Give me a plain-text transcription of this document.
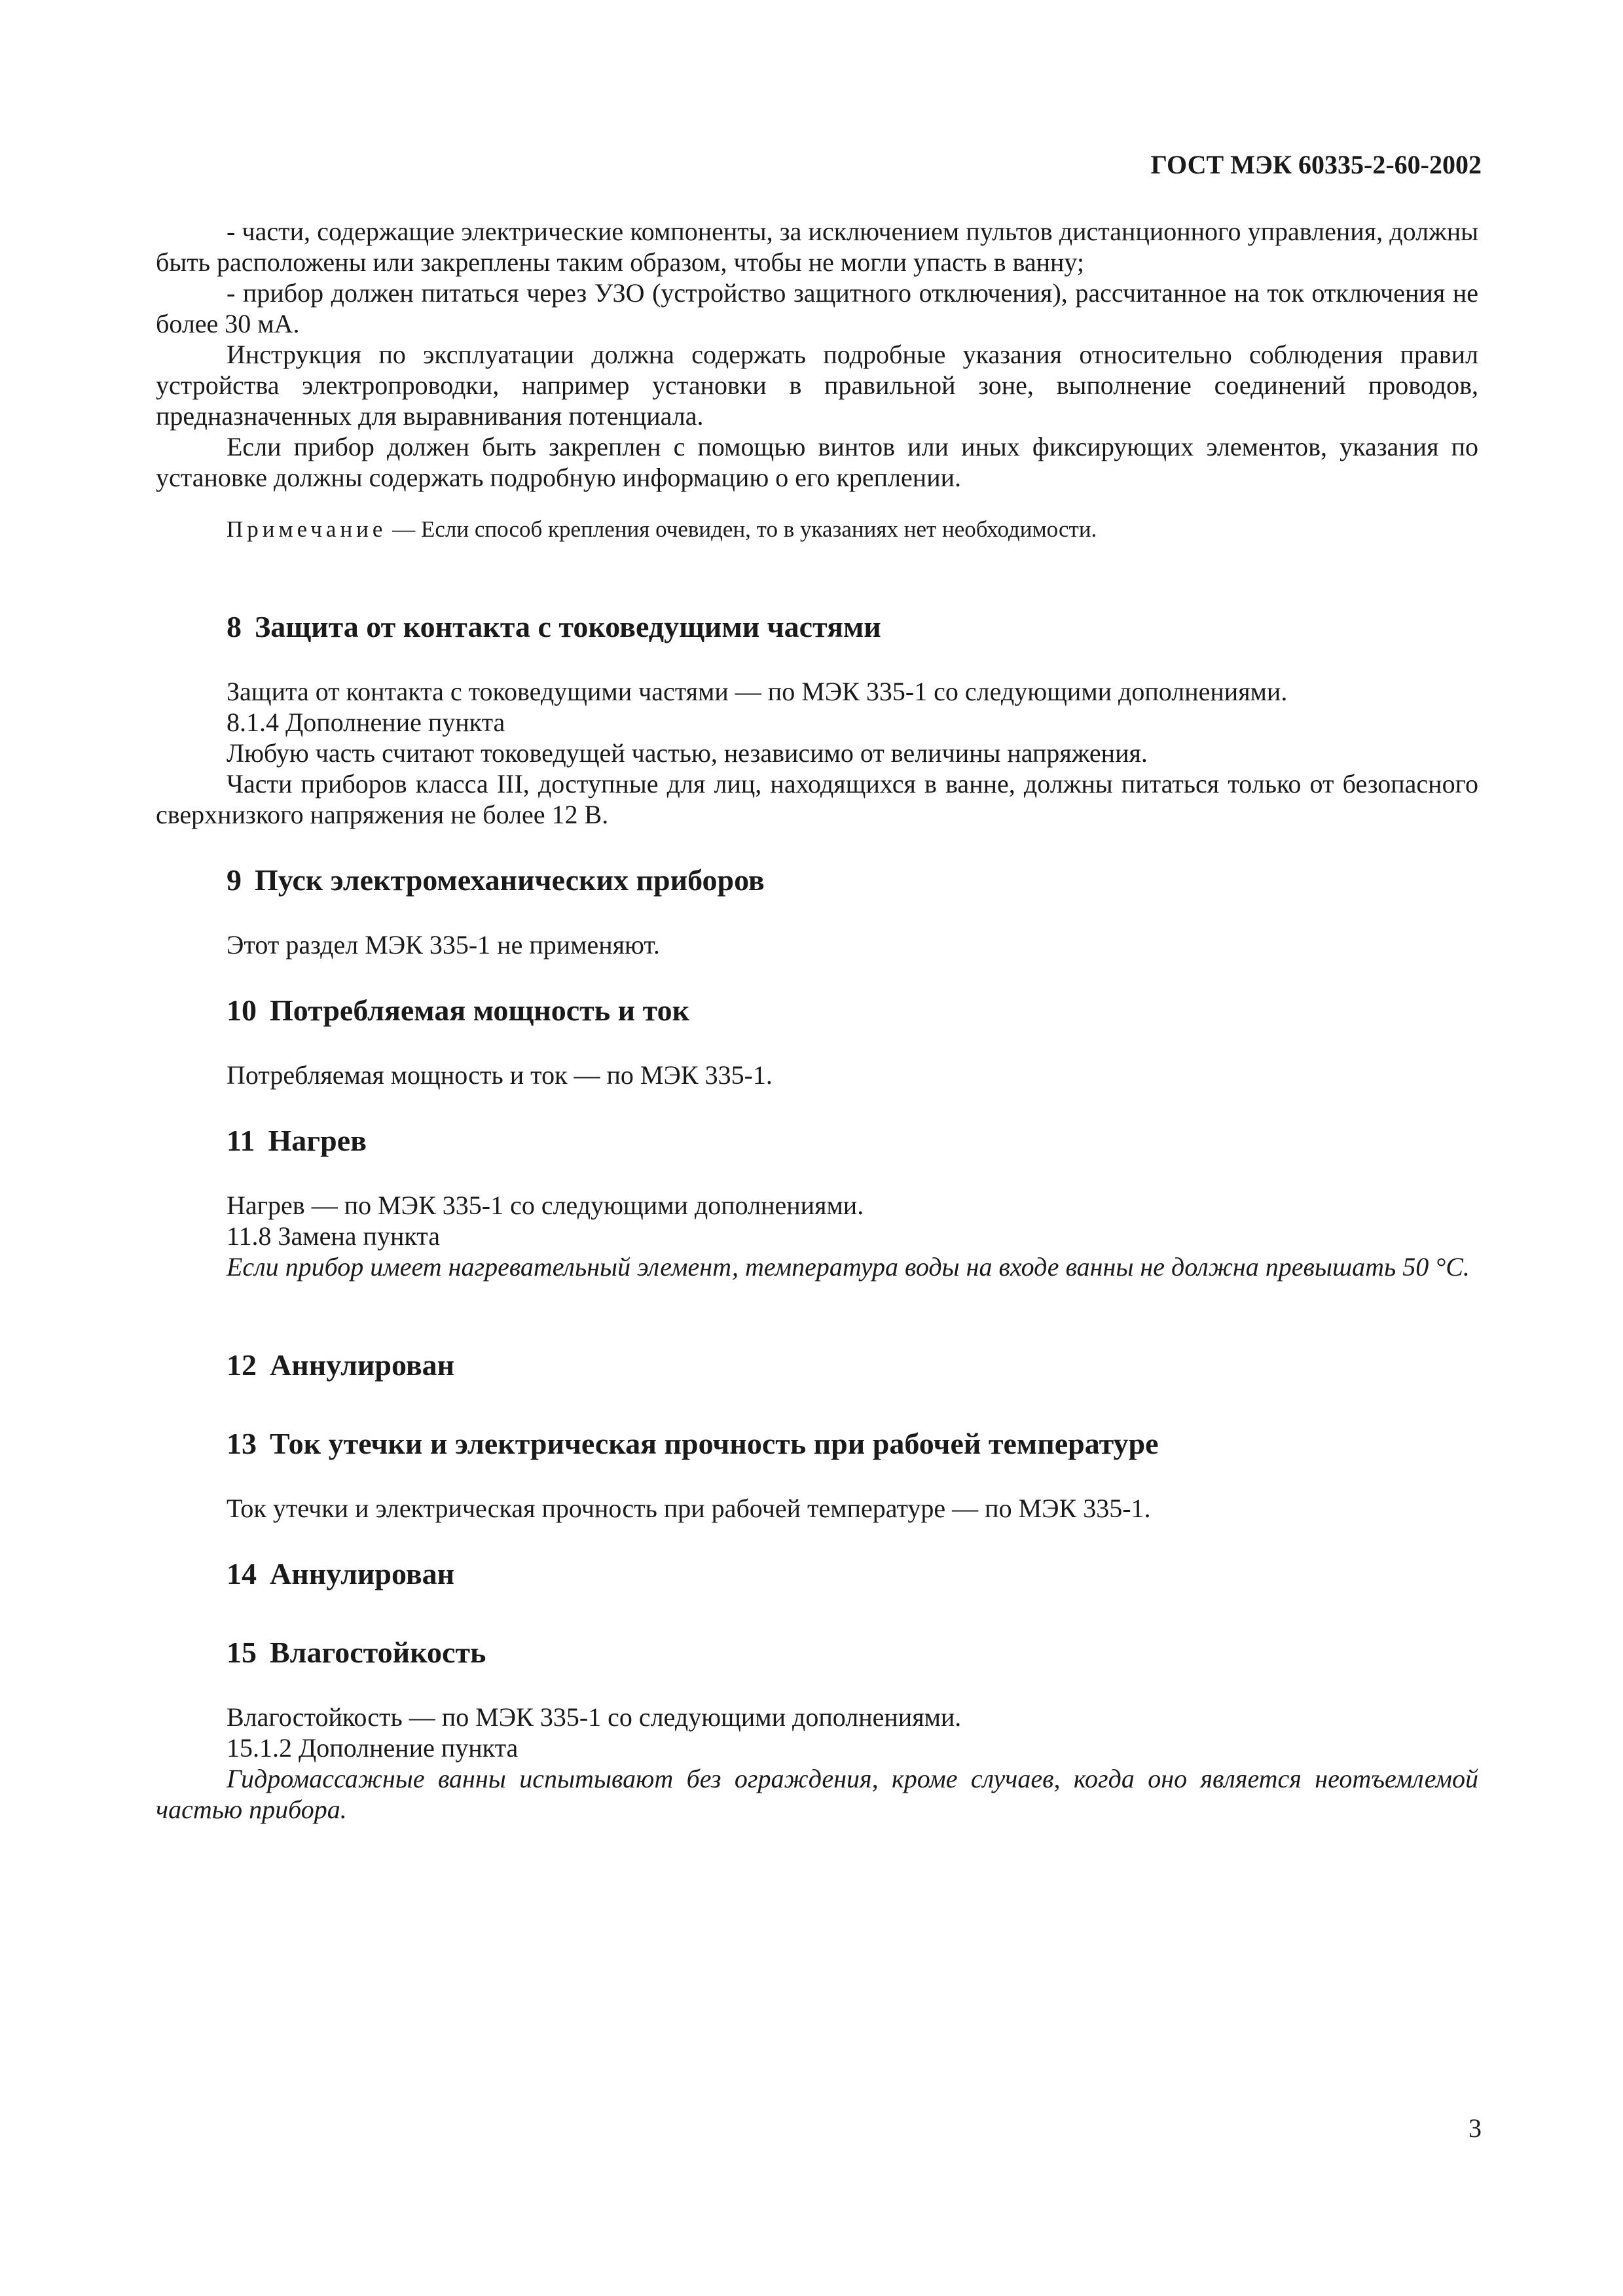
ГОСТ МЭК 60335-2-60-2002

- части, содержащие электрические компоненты, за исключением пультов дистанционного управления, должны быть расположены или закреплены таким образом, чтобы не могли упасть в ванну;

- прибор должен питаться через УЗО (устройство защитного отключения), рассчитанное на ток отключения не более 30 мА.

Инструкция по эксплуатации должна содержать подробные указания относительно соблюдения правил устройства электропроводки, например установки в правильной зоне, выполнение соединений проводов, предназначенных для выравнивания потенциала.

Если прибор должен быть закреплен с помощью винтов или иных фиксирующих элементов, указания по установке должны содержать подробную информацию о его креплении.

Примечание — Если способ крепления очевиден, то в указаниях нет необходимости.

8 Защита от контакта с токоведущими частями

Защита от контакта с токоведущими частями — по МЭК 335-1 со следующими дополнениями.

8.1.4 Дополнение пункта

Любую часть считают токоведущей частью, независимо от величины напряжения.

Части приборов класса III, доступные для лиц, находящихся в ванне, должны питаться только от безопасного сверхнизкого напряжения не более 12 В.

9 Пуск электромеханических приборов

Этот раздел МЭК 335-1 не применяют.

10 Потребляемая мощность и ток

Потребляемая мощность и ток — по МЭК 335-1.

11 Нагрев

Нагрев — по МЭК 335-1 со следующими дополнениями.

11.8 Замена пункта

Если прибор имеет нагревательный элемент, температура воды на входе ванны не должна превышать 50 °С.

12 Аннулирован
13 Ток утечки и электрическая прочность при рабочей температуре

Ток утечки и электрическая прочность при рабочей температуре — по МЭК 335-1.

14 Аннулирован
15 Влагостойкость

Влагостойкость — по МЭК 335-1 со следующими дополнениями.

15.1.2 Дополнение пункта

Гидромассажные ванны испытывают без ограждения, кроме случаев, когда оно является неотъемлемой частью прибора.

3
